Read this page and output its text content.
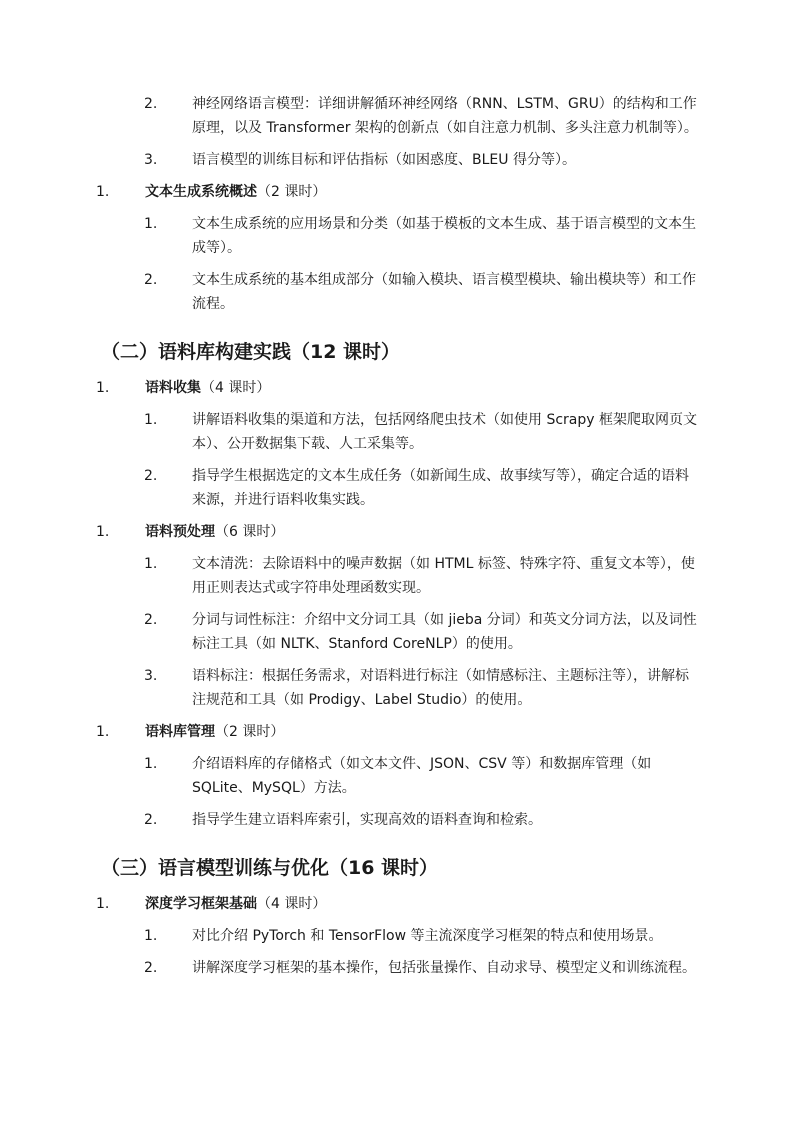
2.	神经网络语言模型：详细讲解循环神经网络（RNN、LSTM、GRU）的结构和工作原理，以及 Transformer 架构的创新点（如自注意力机制、多头注意力机制等）。
3.	语言模型的训练目标和评估指标（如困惑度、BLEU 得分等）。
1.	文本生成系统概述（2 课时）
1.	文本生成系统的应用场景和分类（如基于模板的文本生成、基于语言模型的文本生成等）。
2.	文本生成系统的基本组成部分（如输入模块、语言模型模块、输出模块等）和工作流程。
（二）语料库构建实践（12 课时）
1.	语料收集（4 课时）
1.	讲解语料收集的渠道和方法，包括网络爬虫技术（如使用 Scrapy 框架爬取网页文本）、公开数据集下载、人工采集等。
2.	指导学生根据选定的文本生成任务（如新闻生成、故事续写等），确定合适的语料来源，并进行语料收集实践。
1.	语料预处理（6 课时）
1.	文本清洗：去除语料中的噪声数据（如 HTML 标签、特殊字符、重复文本等），使用正则表达式或字符串处理函数实现。
2.	分词与词性标注：介绍中文分词工具（如 jieba 分词）和英文分词方法，以及词性标注工具（如 NLTK、Stanford CoreNLP）的使用。
3.	语料标注：根据任务需求，对语料进行标注（如情感标注、主题标注等），讲解标注规范和工具（如 Prodigy、Label Studio）的使用。
1.	语料库管理（2 课时）
1.	介绍语料库的存储格式（如文本文件、JSON、CSV 等）和数据库管理（如 SQLite、MySQL）方法。
2.	指导学生建立语料库索引，实现高效的语料查询和检索。
（三）语言模型训练与优化（16 课时）
1.	深度学习框架基础（4 课时）
1.	对比介绍 PyTorch 和 TensorFlow 等主流深度学习框架的特点和使用场景。
2.	讲解深度学习框架的基本操作，包括张量操作、自动求导、模型定义和训练流程。
